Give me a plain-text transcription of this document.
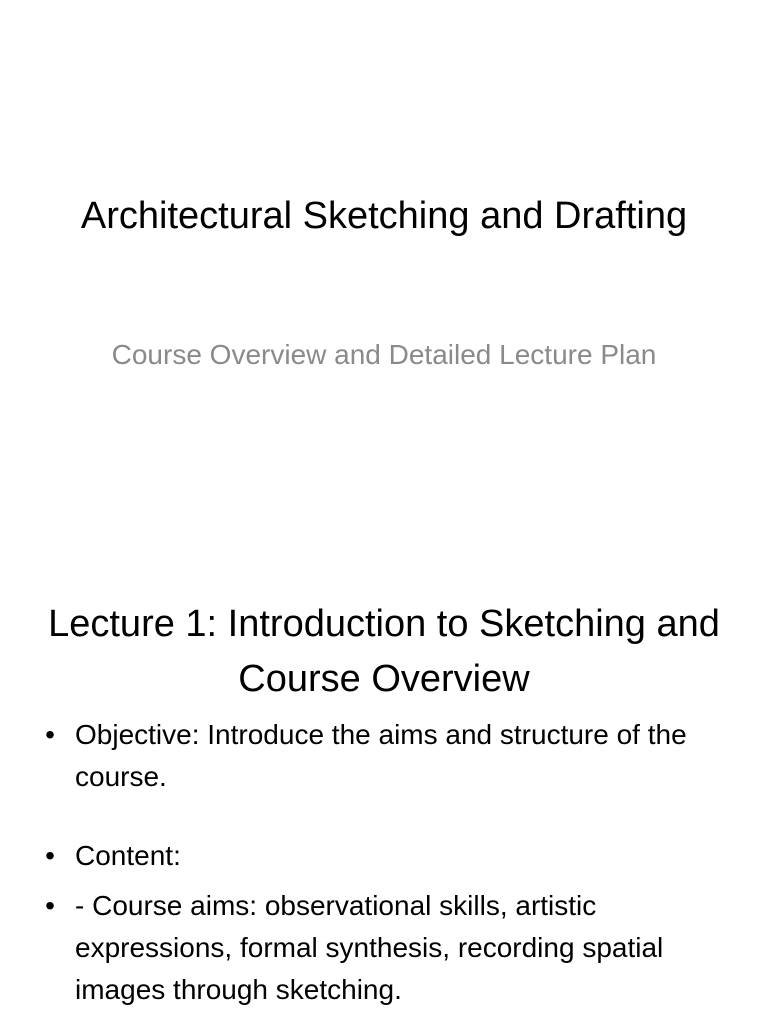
Architectural Sketching and Drafting

Course Overview and Detailed Lecture Plan

Lecture 1: Introduction to Sketching and Course Overview
• Objective: Introduce the aims and structure of the course.
• Content:
• - Course aims: observational skills, artistic expressions, formal synthesis, recording spatial images through sketching.
